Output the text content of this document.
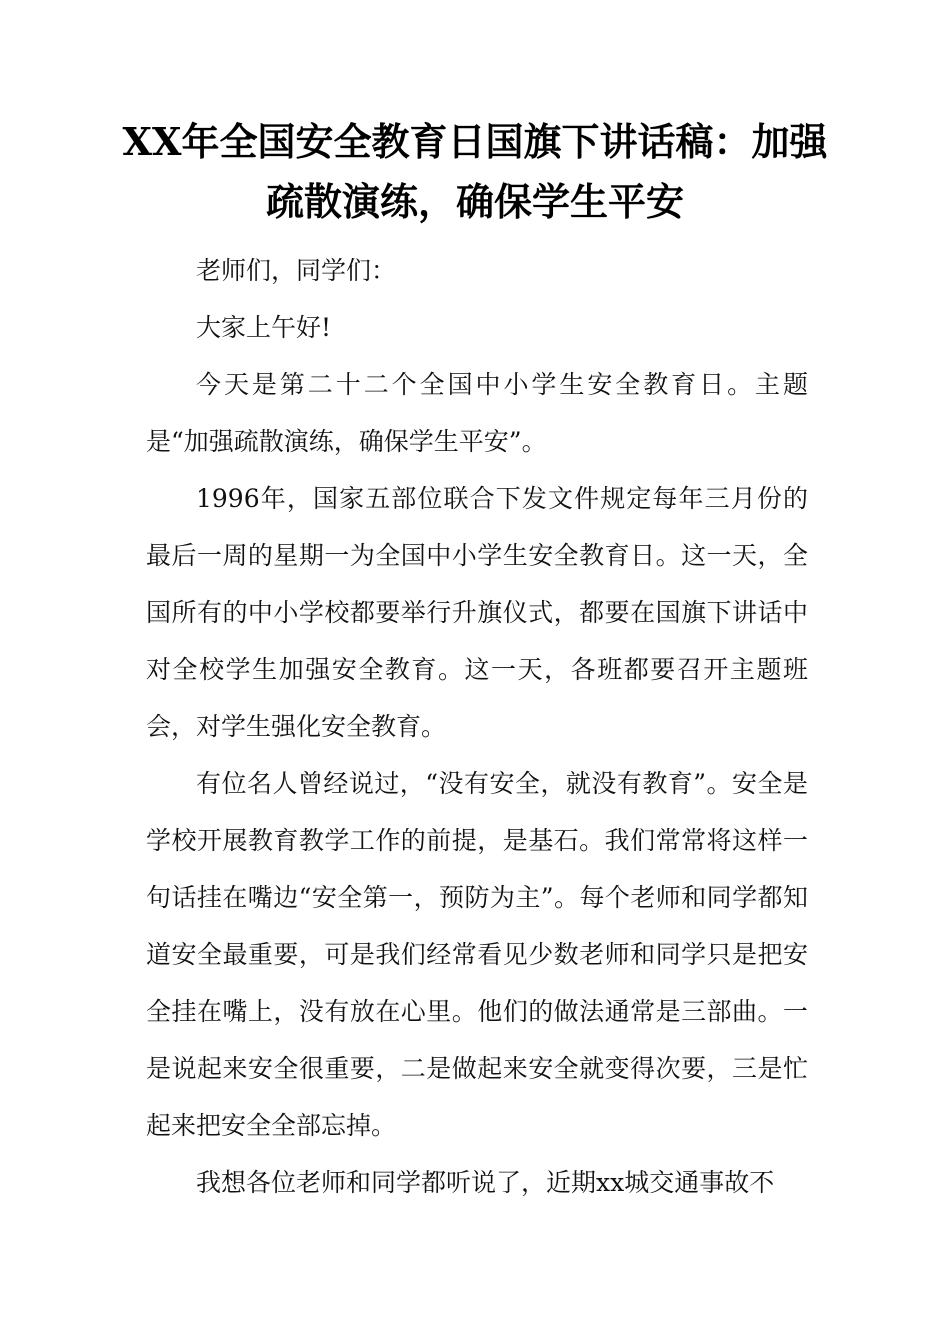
XX年全国安全教育日国旗下讲话稿：加强疏散演练，确保学生平安

老师们，同学们：

大家上午好!

今天是第二十二个全国中小学生安全教育日。主题是“加强疏散演练，确保学生平安”。

1996年，国家五部位联合下发文件规定每年三月份的最后一周的星期一为全国中小学生安全教育日。这一天，全国所有的中小学校都要举行升旗仪式，都要在国旗下讲话中对全校学生加强安全教育。这一天，各班都要召开主题班会，对学生强化安全教育。

有位名人曾经说过，“没有安全，就没有教育”。安全是学校开展教育教学工作的前提，是基石。我们常常将这样一句话挂在嘴边“安全第一，预防为主”。每个老师和同学都知道安全最重要，可是我们经常看见少数老师和同学只是把安全挂在嘴上，没有放在心里。他们的做法通常是三部曲。一是说起来安全很重要，二是做起来安全就变得次要，三是忙起来把安全全部忘掉。

我想各位老师和同学都听说了，近期xx城交通事故不
